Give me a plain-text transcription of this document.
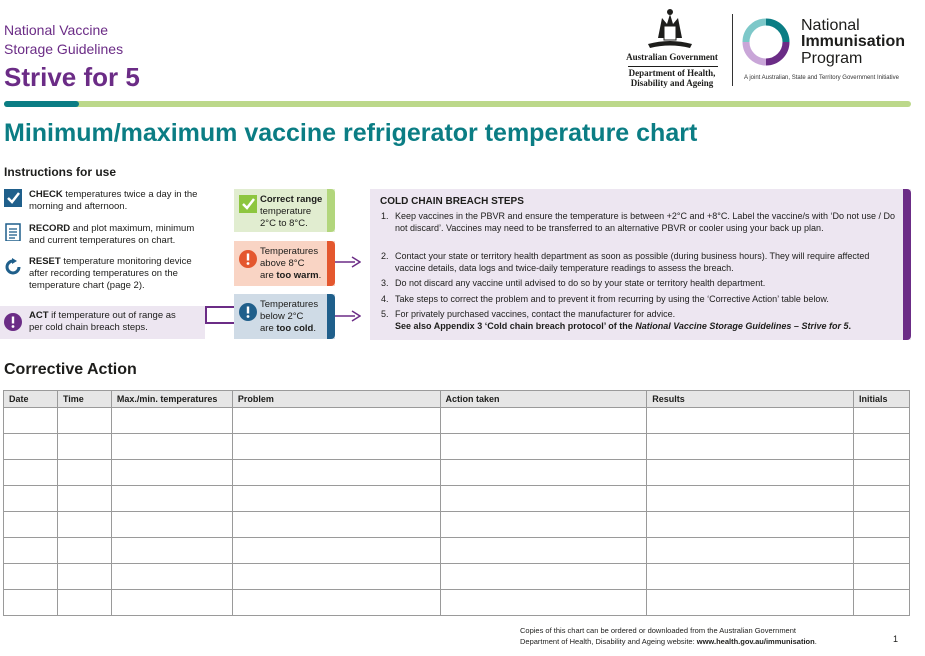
National Vaccine
Storage Guidelines
Strive for 5
Australian Government
Department of Health,
Disability and Ageing
National
Immunisation
Program
A joint Australian, State and Territory Government Initiative
Minimum/maximum vaccine refrigerator temperature chart
Instructions for use
CHECK temperatures twice a day in the morning and afternoon.
RECORD and plot maximum, minimum and current temperatures on chart.
RESET temperature monitoring device after recording temperatures on the temperature chart (page 2).
ACT if temperature out of range as per cold chain breach steps.
Correct range
temperature
2°C to 8°C.
Temperatures
above 8°C
are too warm.
Temperatures
below 2°C
are too cold.
COLD CHAIN BREACH STEPS
1. Keep vaccines in the PBVR and ensure the temperature is between +2°C and +8°C. Label the vaccine/s with ‘Do not use / Do not discard’. Vaccines may need to be transferred to an alternative PBVR or cooler using your back up plan.
2. Contact your state or territory health department as soon as possible (during business hours). They will require affected vaccine details, data logs and twice-daily temperature readings to assess the breach.
3. Do not discard any vaccine until advised to do so by your state or territory health department.
4. Take steps to correct the problem and to prevent it from recurring by using the ‘Corrective Action’ table below.
5. For privately purchased vaccines, contact the manufacturer for advice.
See also Appendix 3 ‘Cold chain breach protocol’ of the National Vaccine Storage Guidelines – Strive for 5.
Corrective Action
Date	Time	Max./min. temperatures	Problem	Action taken	Results	Initials

Copies of this chart can be ordered or downloaded from the Australian Government
Department of Health, Disability and Ageing website: www.health.gov.au/immunisation.	1
